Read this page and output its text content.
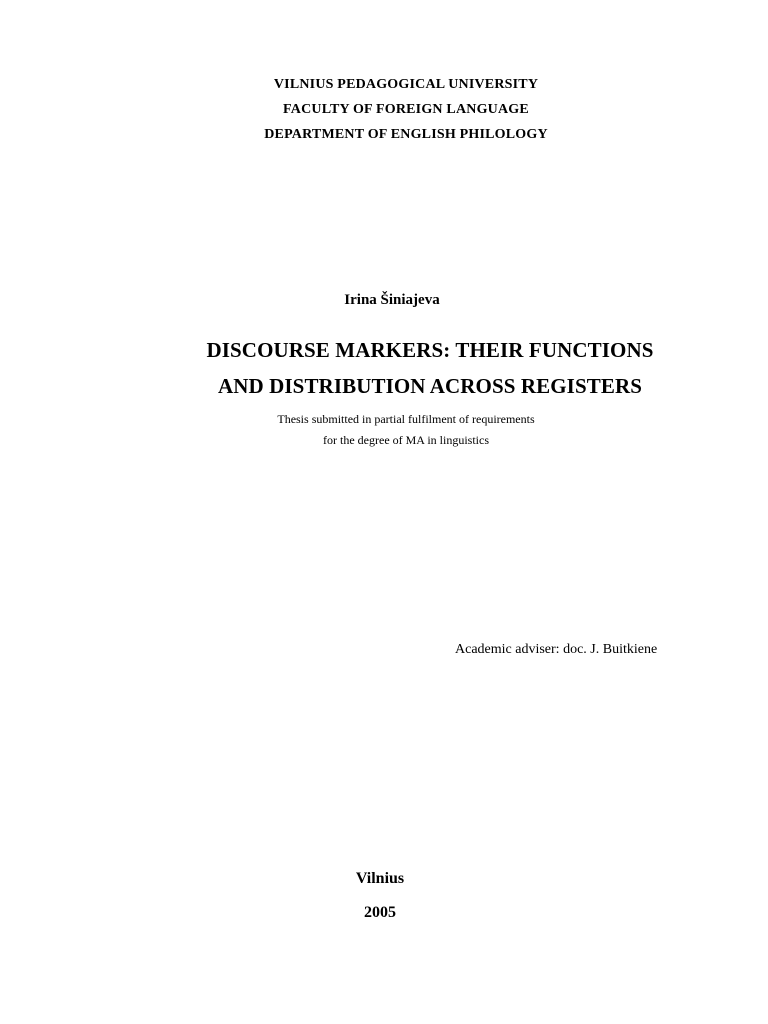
VILNIUS PEDAGOGICAL UNIVERSITY
FACULTY OF FOREIGN LANGUAGE
DEPARTMENT OF ENGLISH PHILOLOGY
Irina Šiniajeva
DISCOURSE MARKERS: THEIR FUNCTIONS
AND DISTRIBUTION ACROSS REGISTERS
Thesis submitted in partial fulfilment of requirements
for the degree of MA in linguistics
Academic adviser: doc. J. Buitkiene
Vilnius
2005
